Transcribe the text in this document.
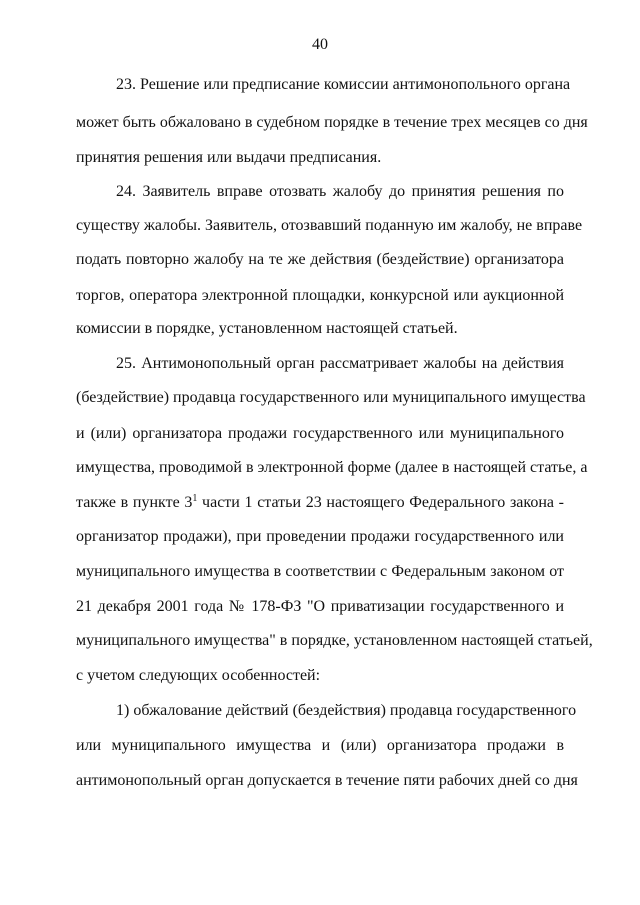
40
23. Решение или предписание комиссии антимонопольного органа
может быть обжаловано в судебном порядке в течение трех месяцев со дня
принятия решения или выдачи предписания.
24. Заявитель вправе отозвать жалобу до принятия решения по
существу жалобы. Заявитель, отозвавший поданную им жалобу, не вправе
подать повторно жалобу на те же действия (бездействие) организатора
торгов, оператора электронной площадки, конкурсной или аукционной
комиссии в порядке, установленном настоящей статьей.
25. Антимонопольный орган рассматривает жалобы на действия
(бездействие) продавца государственного или муниципального имущества
и (или) организатора продажи государственного или муниципального
имущества, проводимой в электронной форме (далее в настоящей статье, а
также в пункте $3^1$ части 1 статьи 23 настоящего Федерального закона -
организатор продажи), при проведении продажи государственного или
муниципального имущества в соответствии с Федеральным законом от
21 декабря 2001 года № 178-ФЗ "О приватизации государственного и
муниципального имущества" в порядке, установленном настоящей статьей,
с учетом следующих особенностей:
1) обжалование действий (бездействия) продавца государственного
или муниципального имущества и (или) организатора продажи в
антимонопольный орган допускается в течение пяти рабочих дней со дня
